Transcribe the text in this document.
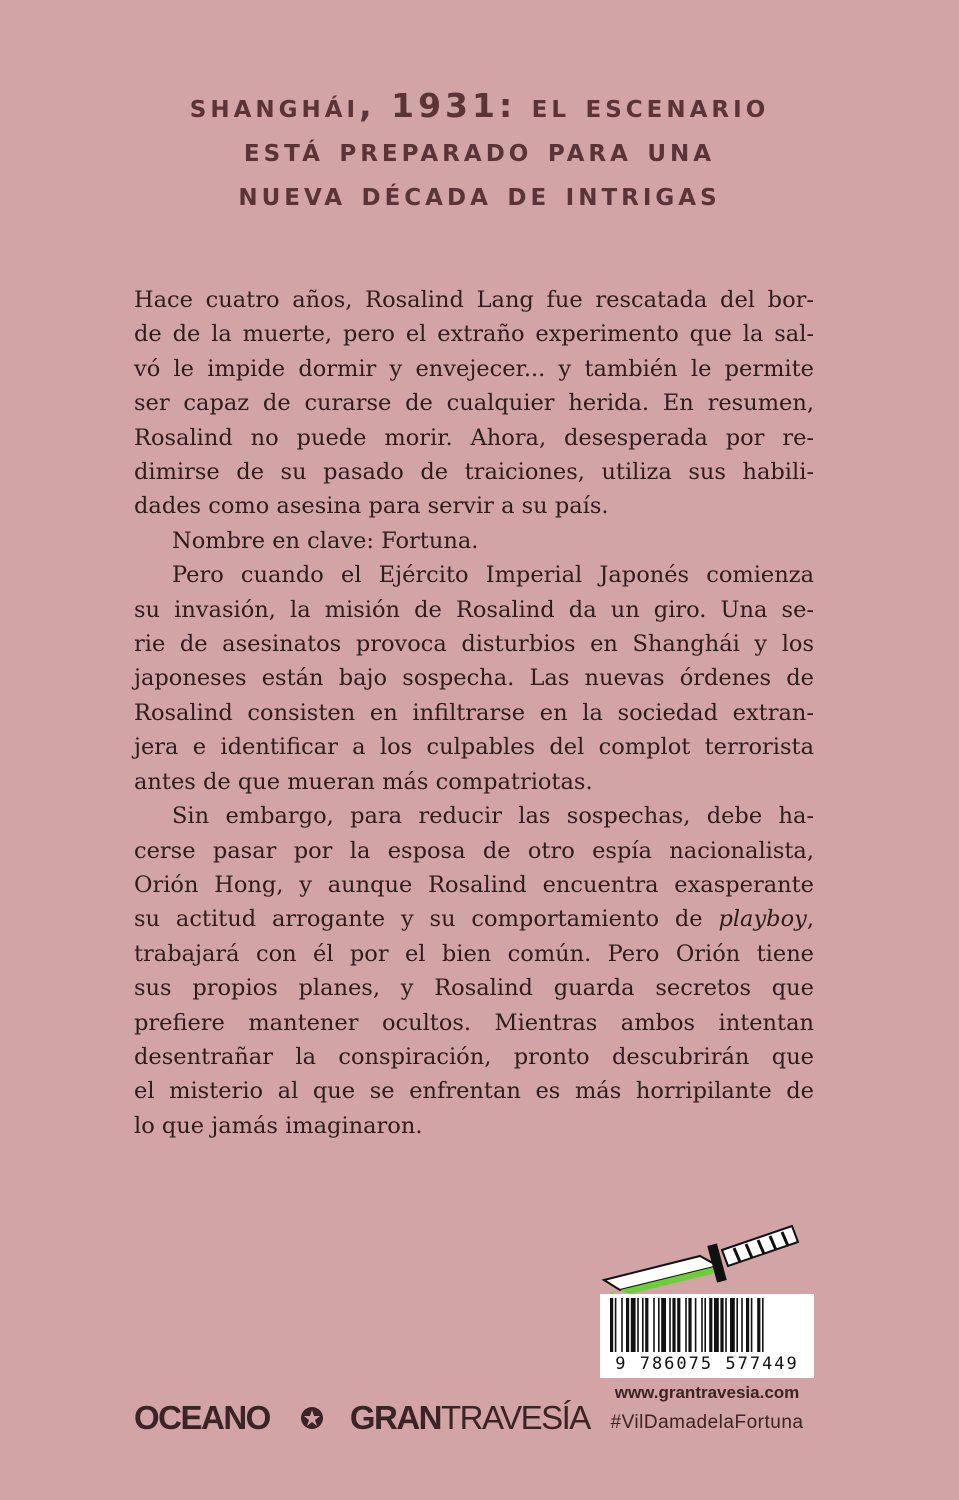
shanghái, 1931: el escenario
está preparado para una
nueva década de intrigas

Hace cuatro años, Rosalind Lang fue rescatada del bor-
de de la muerte, pero el extraño experimento que la sal-
vó le impide dormir y envejecer... y también le permite
ser capaz de curarse de cualquier herida. En resumen,
Rosalind no puede morir. Ahora, desesperada por re-
dimirse de su pasado de traiciones, utiliza sus habili-
dades como asesina para servir a su país.

Nombre en clave: Fortuna.

Pero cuando el Ejército Imperial Japonés comienza
su invasión, la misión de Rosalind da un giro. Una se-
rie de asesinatos provoca disturbios en Shanghái y los
japoneses están bajo sospecha. Las nuevas órdenes de
Rosalind consisten en infiltrarse en la sociedad extran-
jera e identificar a los culpables del complot terrorista
antes de que mueran más compatriotas.

Sin embargo, para reducir las sospechas, debe ha-
cerse pasar por la esposa de otro espía nacionalista,
Orión Hong, y aunque Rosalind encuentra exasperante
su actitud arrogante y su comportamiento de playboy,
trabajará con él por el bien común. Pero Orión tiene
sus propios planes, y Rosalind guarda secretos que
prefiere mantener ocultos. Mientras ambos intentan
desentrañar la conspiración, pronto descubrirán que
el misterio al que se enfrentan es más horripilante de
lo que jamás imaginaron.

9 786075 577449
www.grantravesia.com
#VilDamadelaFortuna
OCEANO GRAN TRAVESÍA
